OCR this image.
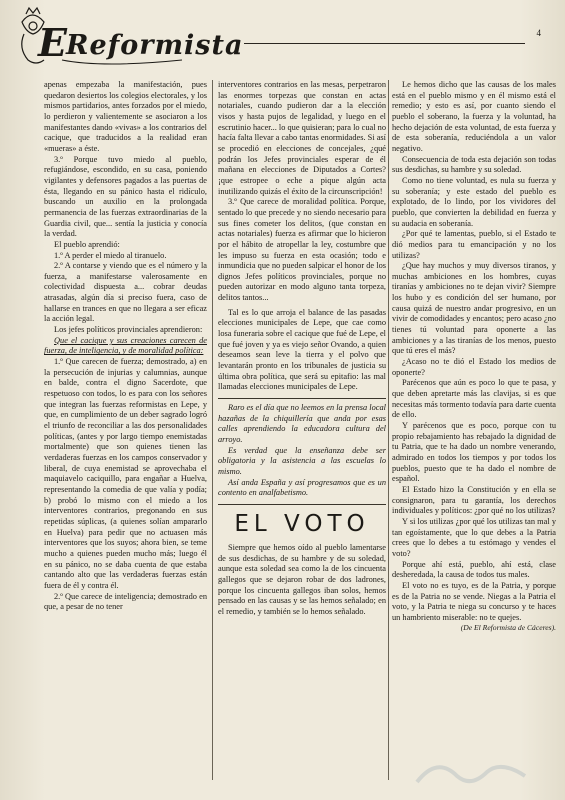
E Reformista	4

apenas empezaba la manifestación, pues quedaron desiertos los colegios electorales, y los mismos partidarios, antes forzados por el miedo, lo perdieron y valientemente se asociaron a los manifestantes dando «vivas» a los contrarios del cacique, que traducidos a la realidad eran «mueras» a éste.

3.º Porque tuvo miedo al pueblo, refugiándose, escondido, en su casa, poniendo vigilantes y defensores pagados a las puertas de ésta, llegando en su pánico hasta el ridículo, buscando un auxilio en la prolongada permanencia de las fuerzas extraordinarias de la Guardia civil, que... sentía la justicia y conocía la verdad.

El pueblo aprendió:

1.º A perder el miedo al tiranuelo.

2.º A contarse y viendo que es el número y la fuerza, a manifestarse valerosamente en colectividad dispuesta a... cobrar deudas atrasadas, algún día si preciso fuera, caso de hallarse en trances en que no llegara a ser eficaz la acción legal.

Los jefes políticos provinciales aprendieron:

Que el cacique y sus creaciones carecen de fuerza, de inteligencia, y de moralidad política:

1.º Que carecen de fuerza; demostrado, a) en la persecución de injurias y calumnias, aunque en balde, contra el digno Sacerdote, que respetuoso con todos, lo es para con los señores que integran las fuerzas reformistas en Lepe, y que, en cumplimiento de un deber sagrado logró el triunfo de reconciliar a las dos personalidades políticas, (antes y por largo tiempo enemistadas mortalmente) que son quienes tienen las verdaderas fuerzas en los campos conservador y liberal, de cuya enemistad se aprovechaba el maquiavelo caciquillo, para engañar a Huelva, representando la comedia de que valía y podía; b) probó lo mismo con el miedo a los interventores contrarios, pregonando en sus repetidas súplicas, (a quienes solían ampararlo en Huelva) para pedir que no actuasen más interventores que los suyos; ahora bien, se teme mucho a quienes pueden mucho más; luego él en su pánico, no se daba cuenta de que estaba cantando alto que las verdaderas fuerzas están fuera de él y contra él.

2.º Que carece de inteligencia; demostrado en que, a pesar de no tener

interventores contrarios en las mesas, perpetraron las enormes torpezas que constan en actas notariales, cuando pudieron dar a la elección visos y hasta pujos de legalidad, y luego en el escrutinio hacer... lo que quisieran; para lo cual no hacía falta llevar a cabo tantas enormidades. Si así se procedió en elecciones de concejales, ¿qué podrán los Jefes provinciales esperar de él mañana en elecciones de Diputados a Cortes? ¡que estropee o eche a pique algún acta inutilizando quizás el éxito de la circunscripción!

3.º Que carece de moralidad política. Porque, sentado lo que precede y no siendo necesario para sus fines cometer los delitos, (que constan en actas notariales) fuerza es afirmar que lo hicieron por el hábito de atropellar la ley, costumbre que les impuso su fuerza en esta ocasión; todo e inmundicia que no pueden salpicar el honor de los dignos Jefes políticos provinciales, porque no pueden autorizar en modo alguno tanta torpeza, delitos tantos...

Tal es lo que arroja el balance de las pasadas elecciones municipales de Lepe, que cae como losa funeraria sobre el cacique que fué de Lepe, el que fué joven y ya es viejo señor Ovando, a quien deseamos sean leve la tierra y el polvo que levantarán pronto en los tribunales de justicia su última obra política, que será su epitafio: las mal llamadas elecciones municipales de Lepe.

Raro es el día que no leemos en la prensa local hazañas de la chiquillería que anda por esas calles aprendiendo la educadora cultura del arroyo.

Es verdad que la enseñanza debe ser obligatoria y la asistencia a las escuelas lo mismo.

Así anda España y así progresamos que es un contento en analfabetismo.

EL VOTO

Siempre que hemos oído al pueblo lamentarse de sus desdichas, de su hambre y de su soledad, aunque esta soledad sea como la de los cincuenta gallegos que se dejaron robar de dos ladrones, porque los cincuenta gallegos iban solos, hemos pensado en las causas y se las hemos señalado; en el remedio, y también se lo hemos señalado.

Le hemos dicho que las causas de los males está en el pueblo mismo y en él mismo está el remedio; y esto es así, por cuanto siendo el pueblo el soberano, la fuerza y la voluntad, ha hecho dejación de esta voluntad, de esta fuerza y de esta soberanía, reduciéndola a un valor negativo.

Consecuencia de toda esta dejación son todas sus desdichas, su hambre y su soledad.

Como no tiene voluntad, es nula su fuerza y su soberanía; y este estado del pueblo es explotado, de lo lindo, por los vividores del pueblo, que convierten la debilidad en fuerza y su audacia en soberanía.

¿Por qué te lamentas, pueblo, si el Estado te dió medios para tu emancipación y no los utilizas?

¿Que hay muchos y muy diversos tiranos, y muchas ambiciones en los hombres, cuyas tiranías y ambiciones no te dejan vivir? Siempre los hubo y es condición del ser humano, por causa quizá de nuestro andar progresivo, en un vivir de comodidades y encantos; pero acaso ¿no tienes tú voluntad para oponerte a las ambiciones y a las tiranías de los menos, puesto que tú eres el más?

¿Acaso no te dió el Estado los medios de oponerte?

Parécenos que aún es poco lo que te pasa, y que deben apretarte más las clavijas, si es que necesitas más tormento todavía para darte cuenta de ello.

Y parécenos que es poco, porque con tu propio rebajamiento has rebajado la dignidad de tu Patria, que te ha dado un nombre venerando, admirado en todos los tiempos y por todos los pueblos, puesto que te ha dado el nombre de español.

El Estado hizo la Constitución y en ella se consignaron, para tu garantía, los derechos individuales y políticos: ¿por qué no los utilizas?

Y si los utilizas ¿por qué los utilizas tan mal y tan egoístamente, que lo que debes a la Patria crees que lo debes a tu estómago y vendes el voto?

Porque ahí está, pueblo, ahí está, clase desheredada, la causa de todos tus males.

El voto no es tuyo, es de la Patria, y porque es de la Patria no se vende. Niegas a la Patria el voto, y la Patria te niega su concurso y te haces un hambriento miserable: no te quejes.

(De El Reformista de Cáceres).
